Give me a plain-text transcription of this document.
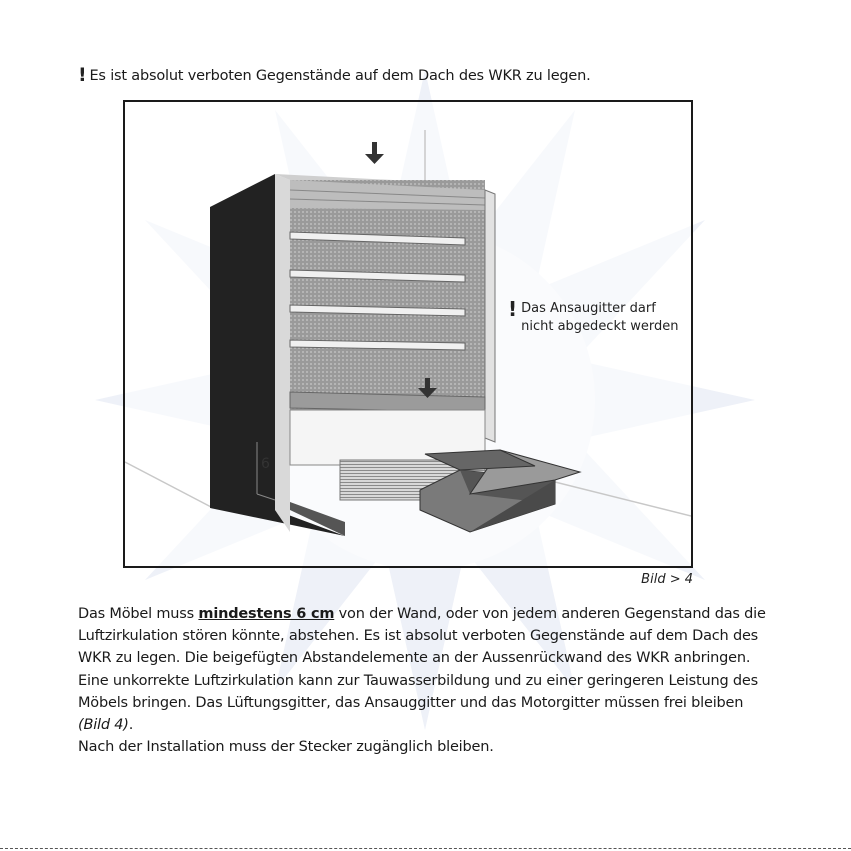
! Es ist absolut verboten Gegenstände auf dem Dach des WKR zu legen.
! Das Ansaugitter darf
nicht abgedeckt werden
6
Bild > 4

Das Möbel muss mindestens 6 cm von der Wand, oder von jedem anderen Gegenstand das die Luftzirkulation stören könnte, abstehen. Es ist absolut verboten Gegenstände auf dem Dach des WKR zu legen. Die beigefügten Abstandelemente an der Aussenrückwand des WKR anbringen.

Eine unkorrekte Luftzirkulation kann zur Tauwasserbildung und zu einer geringeren Leistung des Möbels bringen. Das Lüftungsgitter, das Ansauggitter und das Motorgitter müssen frei bleiben (Bild 4).

Nach der Installation muss der Stecker zugänglich bleiben.
